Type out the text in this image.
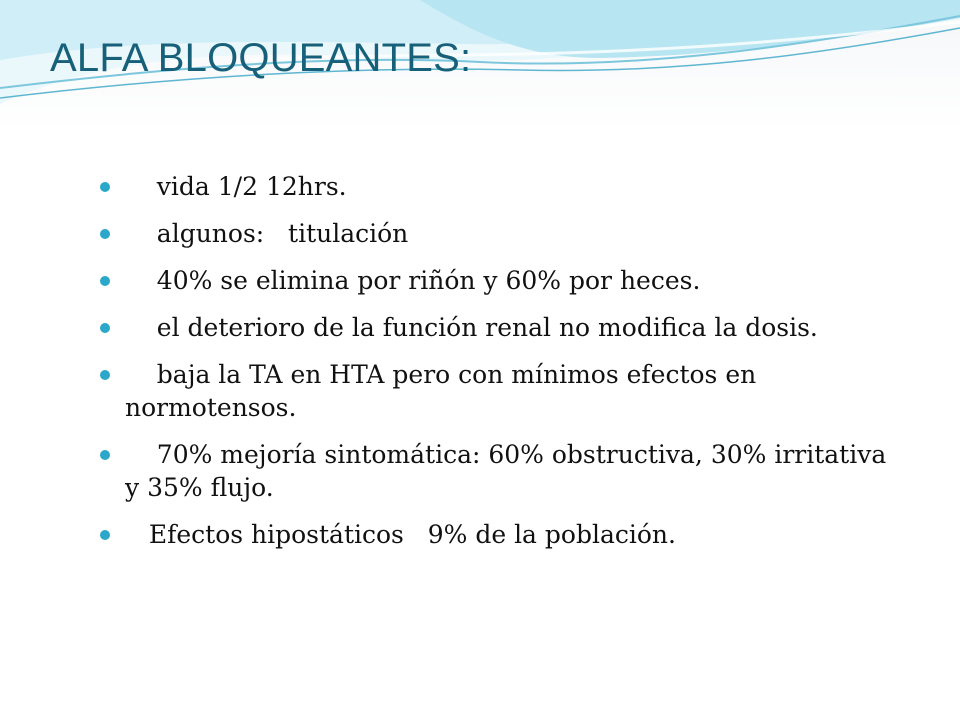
ALFA BLOQUEANTES:
vida 1/2 12hrs.
algunos:   titulación
40% se elimina por riñón y 60% por heces.
el deterioro de la función renal no modifica la dosis.
baja la TA en HTA pero con mínimos efectos en normotensos.
70% mejoría sintomática: 60% obstructiva, 30% irritativa y 35% flujo.
Efectos hipostáticos   9% de la población.
